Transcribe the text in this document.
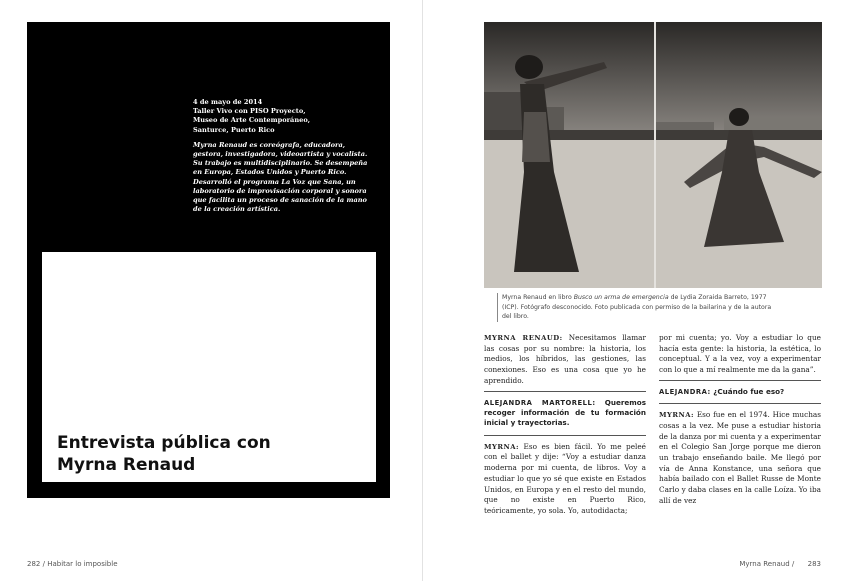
4 de mayo de 2014
Taller Vivo con PISO Proyecto,
Museo de Arte Contemporáneo,
Santurce, Puerto Rico
Myrna Renaud es coreógrafa, educadora, gestora, investigadora, videoartista y vocalista. Su trabajo es multidisciplinario. Se desempeña en Europa, Estados Unidos y Puerto Rico. Desarrolló el programa La Voz que Sana, un laboratorio de improvisación corporal y sonora que facilita un proceso de sanación de la mano de la creación artística.
Entrevista pública con
Myrna Renaud
282 / Habitar lo imposible
Myrna Renaud en libro Busco un arma de emergencia de Lydia Zoraida Barreto, 1977 (ICP). Fotógrafo desconocido. Foto publicada con permiso de la bailarina y de la autora del libro.

MYRNA RENAUD: Necesitamos llamar las cosas por su nombre: la historia, los medios, los híbridos, las gestiones, las conexiones. Eso es una cosa que yo he aprendido.

ALEJANDRA MARTORELL: Queremos recoger información de tu formación inicial y trayectorias.

MYRNA: Eso es bien fácil. Yo me peleé con el ballet y dije: “Voy a estudiar danza moderna por mi cuenta, de libros. Voy a estudiar lo que yo sé que existe en Estados Unidos, en Europa y en el resto del mundo, que no existe en Puerto Rico, teóricamente, yo sola. Yo, autodidacta;

por mi cuenta; yo. Voy a estudiar lo que hacía esta gente: la historia, la estética, lo conceptual. Y a la vez, voy a experimentar con lo que a mí realmente me da la gana”.

ALEJANDRA: ¿Cuándo fue eso?

MYRNA: Eso fue en el 1974. Hice muchas cosas a la vez. Me puse a estudiar historia de la danza por mi cuenta y a experimentar en el Colegio San Jorge porque me dieron un trabajo enseñando baile. Me llegó por vía de Anna Konstance, una señora que había bailado con el Ballet Russe de Monte Carlo y daba clases en la calle Loíza. Yo iba allí de vez

Myrna Renaud / 283
